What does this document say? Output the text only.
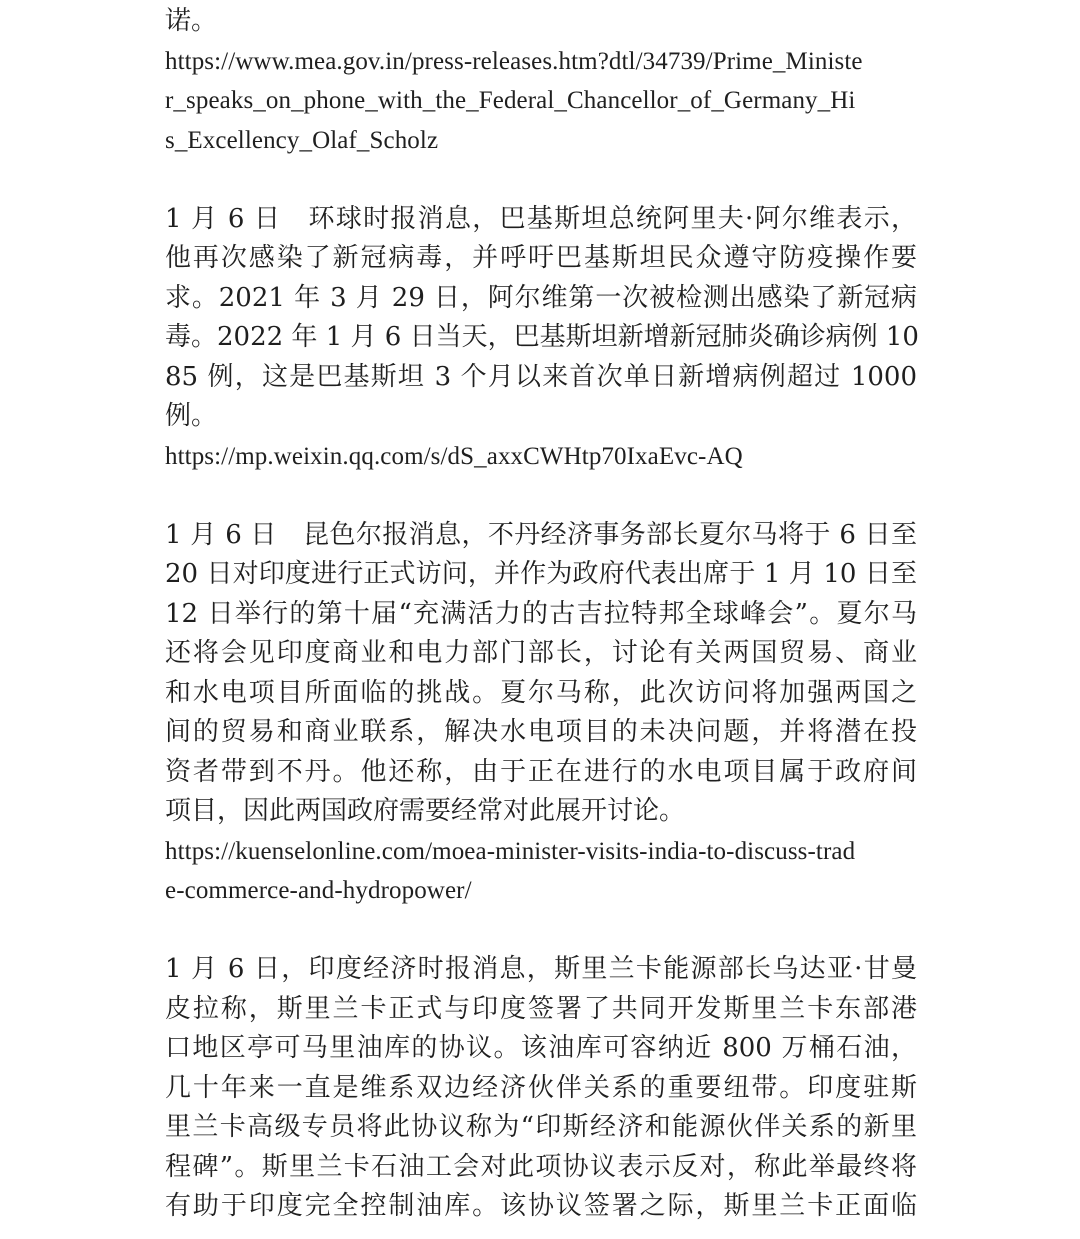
诺。
https://www.mea.gov.in/press-releases.htm?dtl/34739/Prime_Ministe
r_speaks_on_phone_with_the_Federal_Chancellor_of_Germany_Hi
s_Excellency_Olaf_Scholz
1 月 6 日　环球时报消息，巴基斯坦总统阿里夫·阿尔维表示，
他再次感染了新冠病毒，并呼吁巴基斯坦民众遵守防疫操作要
求。2021 年 3 月 29 日，阿尔维第一次被检测出感染了新冠病
毒。2022 年 1 月 6 日当天，巴基斯坦新增新冠肺炎确诊病例 10
85 例，这是巴基斯坦 3 个月以来首次单日新增病例超过 1000
例。
https://mp.weixin.qq.com/s/dS_axxCWHtp70IxaEvc-AQ
1 月 6 日　昆色尔报消息，不丹经济事务部长夏尔马将于 6 日至
20 日对印度进行正式访问，并作为政府代表出席于 1 月 10 日至
12 日举行的第十届“充满活力的古吉拉特邦全球峰会”。夏尔马
还将会见印度商业和电力部门部长，讨论有关两国贸易、商业
和水电项目所面临的挑战。夏尔马称，此次访问将加强两国之
间的贸易和商业联系，解决水电项目的未决问题，并将潜在投
资者带到不丹。他还称，由于正在进行的水电项目属于政府间
项目，因此两国政府需要经常对此展开讨论。
https://kuenselonline.com/moea-minister-visits-india-to-discuss-trad
e-commerce-and-hydropower/
1 月 6 日，印度经济时报消息，斯里兰卡能源部长乌达亚·甘曼
皮拉称，斯里兰卡正式与印度签署了共同开发斯里兰卡东部港
口地区亭可马里油库的协议。该油库可容纳近 800 万桶石油，
几十年来一直是维系双边经济伙伴关系的重要纽带。印度驻斯
里兰卡高级专员将此协议称为“印斯经济和能源伙伴关系的新里
程碑”。斯里兰卡石油工会对此项协议表示反对，称此举最终将
有助于印度完全控制油库。该协议签署之际，斯里兰卡正面临
